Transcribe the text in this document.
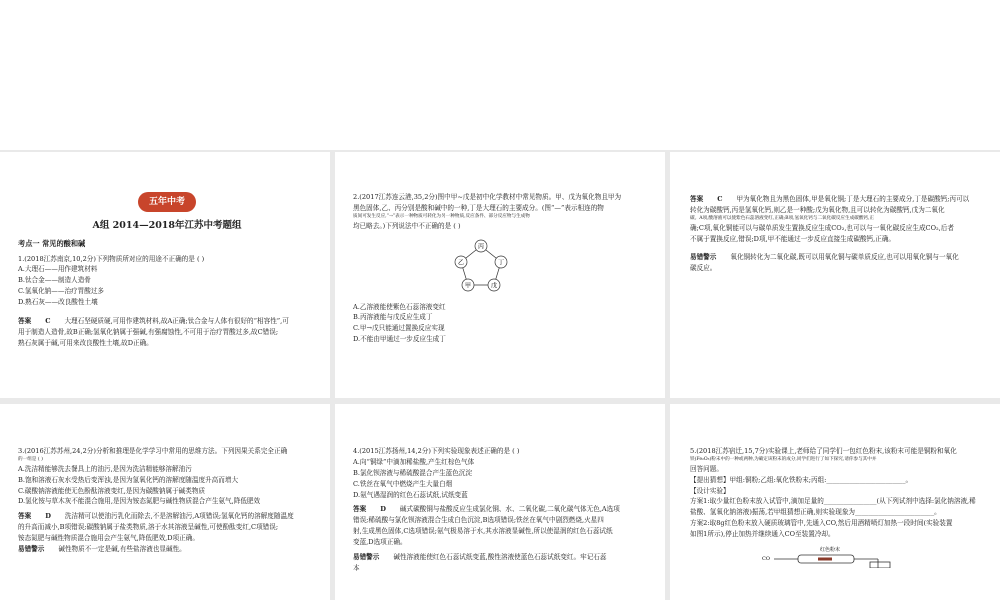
五年中考
A组 2014—2018年江苏中考题组
考点一 常见的酸和碱

1.(2018江苏南京,10,2分)下列物质所对应的用途不正确的是 ( )

A.大理石——用作建筑材料

B.钛合金——制造人造骨

C.氢氧化钠——治疗胃酸过多

D.熟石灰——改良酸性土壤

答案 C 大理石坚硬质硬,可用作建筑材料,故A正确;钛合金与人体有很好的“相容性”,可

用于制造人造骨,故B正确;氢氧化钠属于强碱,有强腐蚀性,不可用于治疗胃酸过多,故C错误;

熟石灰属于碱,可用来改良酸性土壤,故D正确。

2.(2017江苏连云港,35,2分)图中甲~戊是初中化学教材中常见物质。甲、戊为氧化物且甲为

黑色固体,乙、丙分别是酸和碱中的一种,丁是大理石的主要成分。(图“—”表示相连的物

质间可发生反应,“→”表示一种物质可转化为另一种物质,反应条件、部分反应物与生成物

均已略去。)下列说法中不正确的是 ( )

丙
丁
戊
甲
乙

A.乙溶液能使紫色石蕊溶液变红

B.丙溶液能与戊反应生成丁

C.甲→戊只能通过置换反应实现

D.不能由甲通过一步反应生成丁

答案 C 甲为氧化物且为黑色固体,甲是氧化铜;丁是大理石的主要成分,丁是碳酸钙;丙可以

转化为碳酸钙,丙是氢氧化钙,则乙是一种酸;戊为氧化物,且可以转化为碳酸钙,戊为二氧化

碳。A项,酸溶液可以使紫色石蕊溶液变红,正确;B项,氢氧化钙与二氧化碳反应生成碳酸钙,正

确;C项,氧化铜能可以与碳单质发生置换反应生成CO₂,也可以与一氧化碳反应生成CO₂,后者

不属于置换反应,错误;D项,甲不能通过一步反应直接生成碳酸钙,正确。

易错警示 氧化铜转化为二氧化碳,既可以用氧化铜与碳单质反应,也可以用氧化铜与一氧化

碳反应。

3.(2016江苏苏州,24,2分)分析和推理是化学学习中常用的思维方法。下列因果关系完全正确

的一组是 ( )

A.洗洁精能够洗去餐具上的油污,是因为洗洁精能够溶解油污

B.饱和溶液石灰水受热后变浑浊,是因为氢氧化钙的溶解度随温度升高而增大

C.碳酸钠溶液能使无色酚酞溶液变红,是因为碳酸钠属于碱类物质

D.氢化铵与草木灰不能混合施用,是因为铵态氮肥与碱性物质混合产生氨气,降低肥效

答案 D 洗洁精可以使油污乳化而除去,不是溶解油污,A项错误;氢氧化钙的溶解度随温度

的升高而减小,B项错误;碳酸钠属于盐类物质,溶于水其溶液呈碱性,可使酚酞变红,C项错误;

铵态氮肥与碱性物质混合施用会产生氨气,降低肥效,D项正确。

易错警示 碱性物质不一定是碱,有些盐溶液也显碱性。

4.(2015江苏扬州,14,2分)下列实验现象表述正确的是 ( )

A.向“铜绿”中滴加稀盐酸,产生红棕色气体

B.氯化钡溶液与稀硫酸混合产生蓝色沉淀

C.铁丝在氧气中燃烧产生大量白烟

D.氨气遇湿润的红色石蕊试纸,试纸变蓝

答案 D 碱式碳酸铜与盐酸反应生成氯化铜、水、二氧化碳,二氧化碳气体无色,A选项

错误;稀硫酸与氯化钡溶液混合生成白色沉淀,B选项错误;铁丝在氧气中剧烈燃烧,火星四

射,生成黑色固体,C选项错误;氨气极易溶于水,其水溶液显碱性,所以使湿润的红色石蕊试纸

变蓝,D选项正确。

易错警示 碱性溶液能使红色石蕊试纸变蓝,酸性溶液使蓝色石蕊试纸变红。牢记石蕊

本

5.(2018江苏宿迁,15,7分)实验课上,老师给了同学们一包红色粉末,该粉末可能是铜粉和氧化

铁(Fe₂O₃)粉末中的一种或两种,为确定该粉末的成分,同学们进行了如下探究,请你参与其中并

回答问题。

【提出猜想】甲组:铜粉;乙组:氧化铁粉末;丙组:________________________。

【设计实验】

方案1:取少量红色粉末放入试管中,滴加足量的________________(从下列试剂中选择:氯化钠溶液,稀

盐酸、氢氧化钠溶液)振荡,若甲组猜想正确,则实验现象为________________________。

方案2:取8g红色粉末放入硬质玻璃管中,先通入CO,然后用酒精喷灯加热一段时间(实验装置

如图1所示),停止加热并继续通入CO至装置冷却。

CO
红色粉末
